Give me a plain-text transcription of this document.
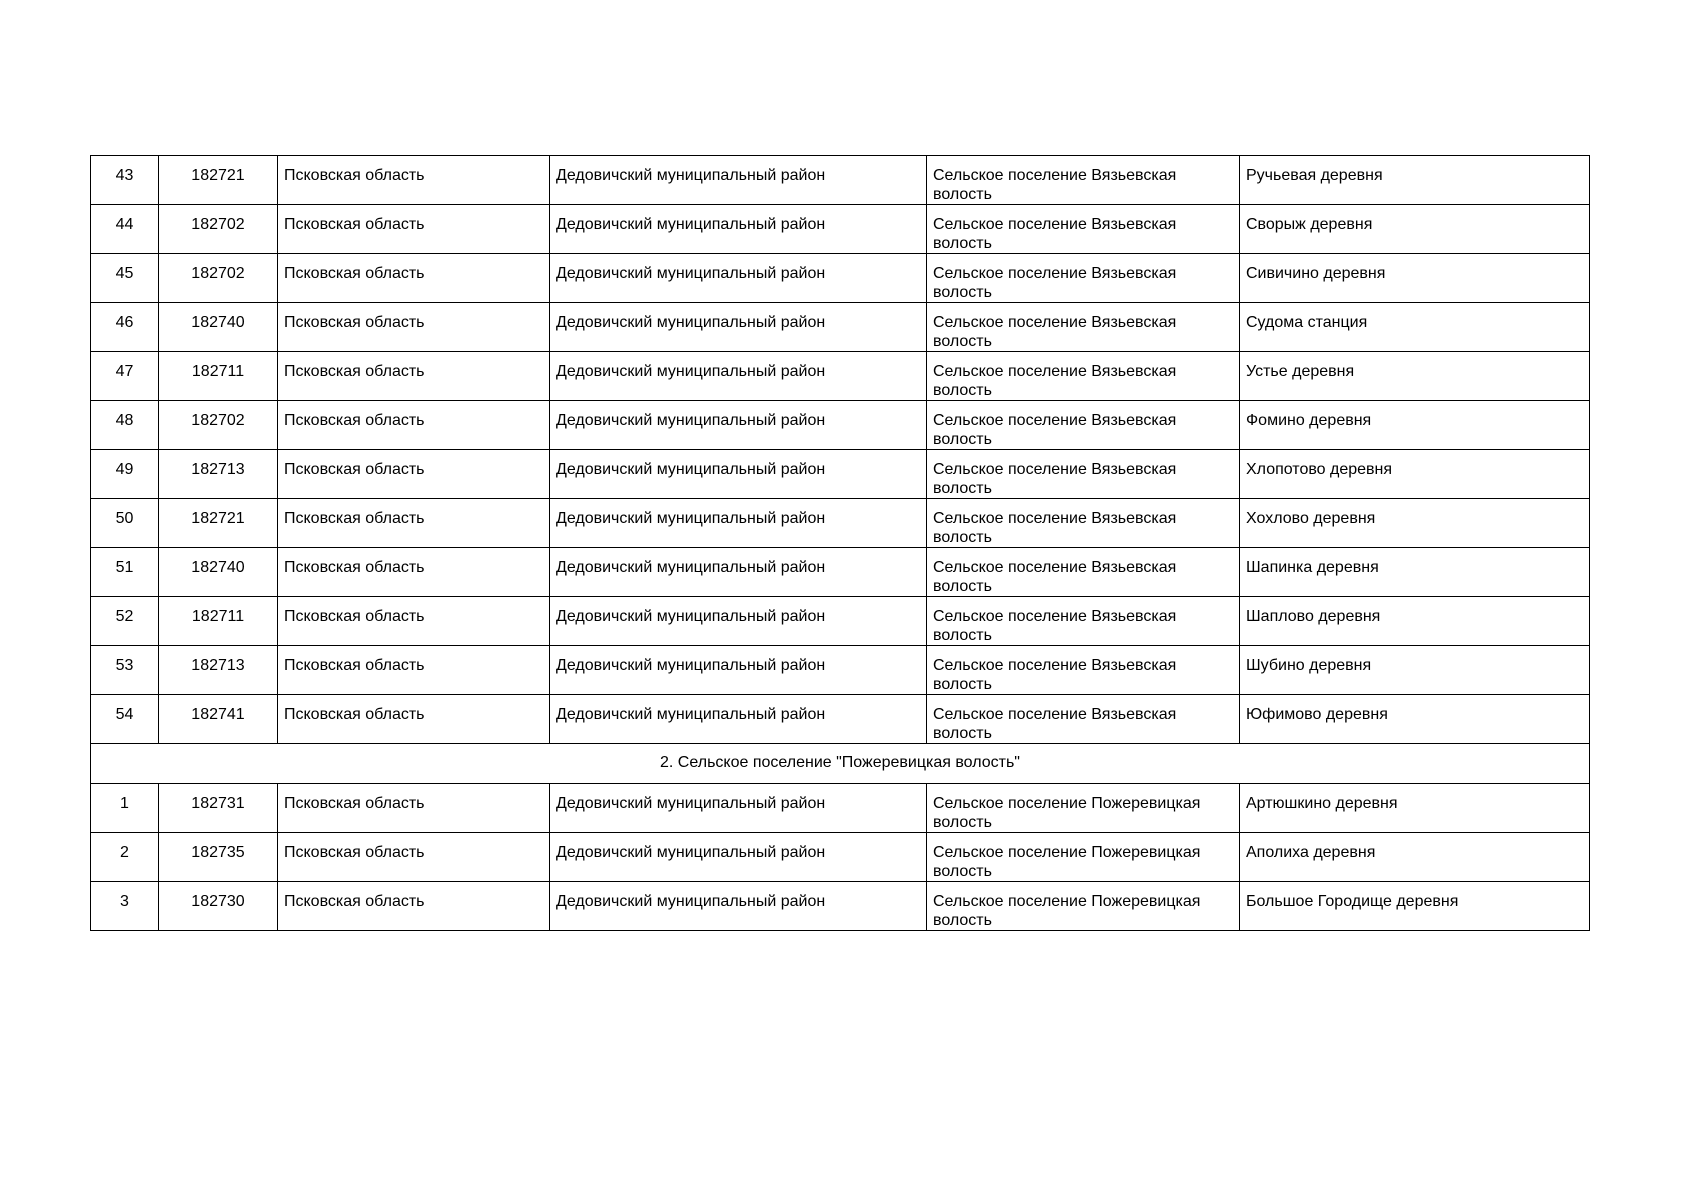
43	182721	Псковская область	Дедовичский муниципальный район	Сельское поселение Вязьевская волость	Ручьевая деревня
44	182702	Псковская область	Дедовичский муниципальный район	Сельское поселение Вязьевская волость	Сворыж деревня
45	182702	Псковская область	Дедовичский муниципальный район	Сельское поселение Вязьевская волость	Сивичино деревня
46	182740	Псковская область	Дедовичский муниципальный район	Сельское поселение Вязьевская волость	Судома станция
47	182711	Псковская область	Дедовичский муниципальный район	Сельское поселение Вязьевская волость	Устье деревня
48	182702	Псковская область	Дедовичский муниципальный район	Сельское поселение Вязьевская волость	Фомино деревня
49	182713	Псковская область	Дедовичский муниципальный район	Сельское поселение Вязьевская волость	Хлопотово деревня
50	182721	Псковская область	Дедовичский муниципальный район	Сельское поселение Вязьевская волость	Хохлово деревня
51	182740	Псковская область	Дедовичский муниципальный район	Сельское поселение Вязьевская волость	Шапинка деревня
52	182711	Псковская область	Дедовичский муниципальный район	Сельское поселение Вязьевская волость	Шаплово деревня
53	182713	Псковская область	Дедовичский муниципальный район	Сельское поселение Вязьевская волость	Шубино деревня
54	182741	Псковская область	Дедовичский муниципальный район	Сельское поселение Вязьевская волость	Юфимово деревня
2. Сельское поселение "Пожеревицкая волость"					
1	182731	Псковская область	Дедовичский муниципальный район	Сельское поселение Пожеревицкая волость	Артюшкино деревня
2	182735	Псковская область	Дедовичский муниципальный район	Сельское поселение Пожеревицкая волость	Аполиха деревня
3	182730	Псковская область	Дедовичский муниципальный район	Сельское поселение Пожеревицкая волость	Большое Городище деревня
